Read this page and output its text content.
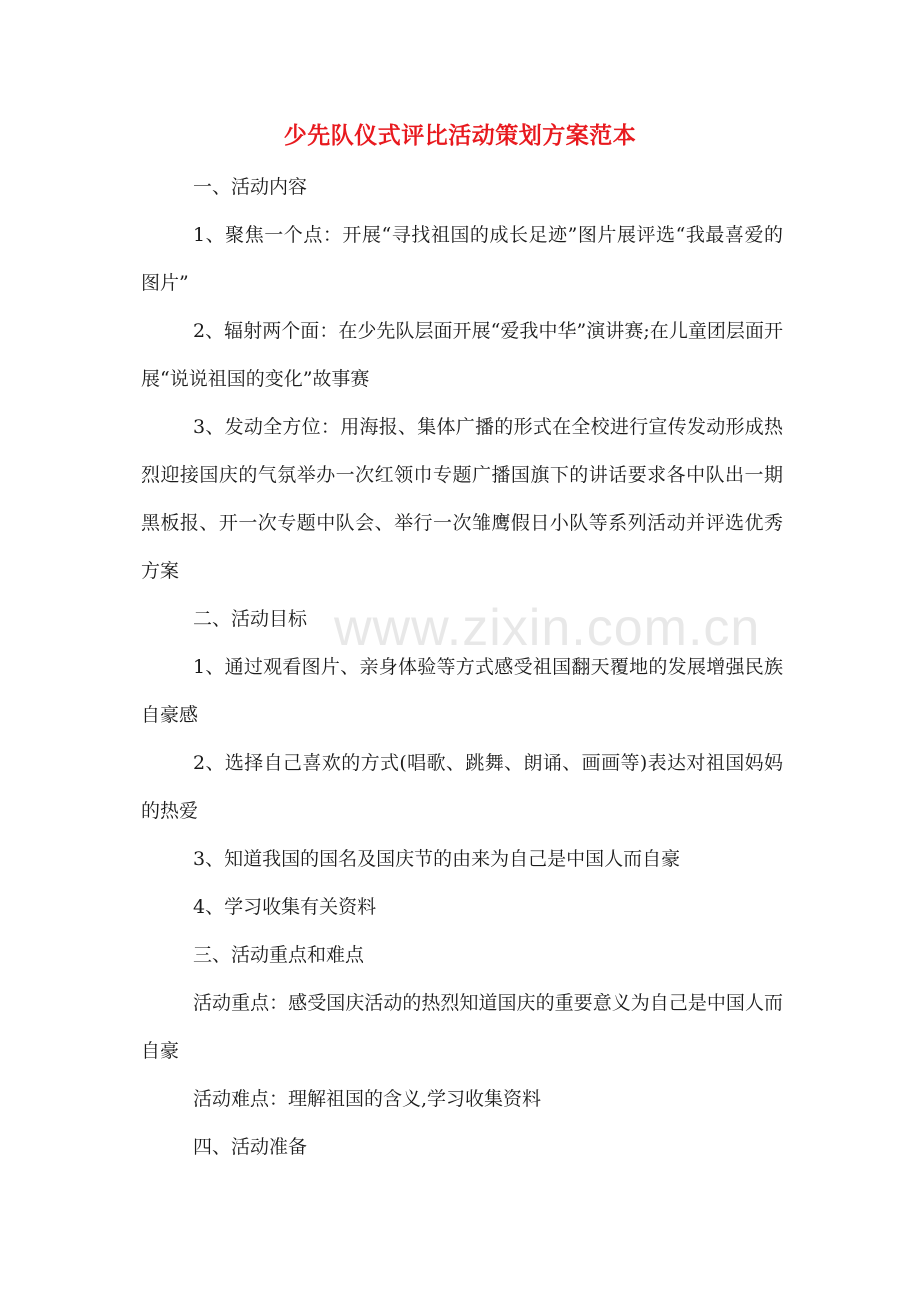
少先队仪式评比活动策划方案范本

一、活动内容

1、聚焦一个点：开展“寻找祖国的成长足迹”图片展评选“我最喜爱的图片”

2、辐射两个面：在少先队层面开展“爱我中华”演讲赛;在儿童团层面开展“说说祖国的变化”故事赛

3、发动全方位：用海报、集体广播的形式在全校进行宣传发动形成热烈迎接国庆的气氛举办一次红领巾专题广播国旗下的讲话要求各中队出一期黑板报、开一次专题中队会、举行一次雏鹰假日小队等系列活动并评选优秀方案

二、活动目标

1、通过观看图片、亲身体验等方式感受祖国翻天覆地的发展增强民族自豪感

2、选择自己喜欢的方式(唱歌、跳舞、朗诵、画画等)表达对祖国妈妈的热爱

3、知道我国的国名及国庆节的由来为自己是中国人而自豪

4、学习收集有关资料

三、活动重点和难点

活动重点：感受国庆活动的热烈知道国庆的重要意义为自己是中国人而自豪

活动难点：理解祖国的含义,学习收集资料

四、活动准备

www.zixin.com.cn
